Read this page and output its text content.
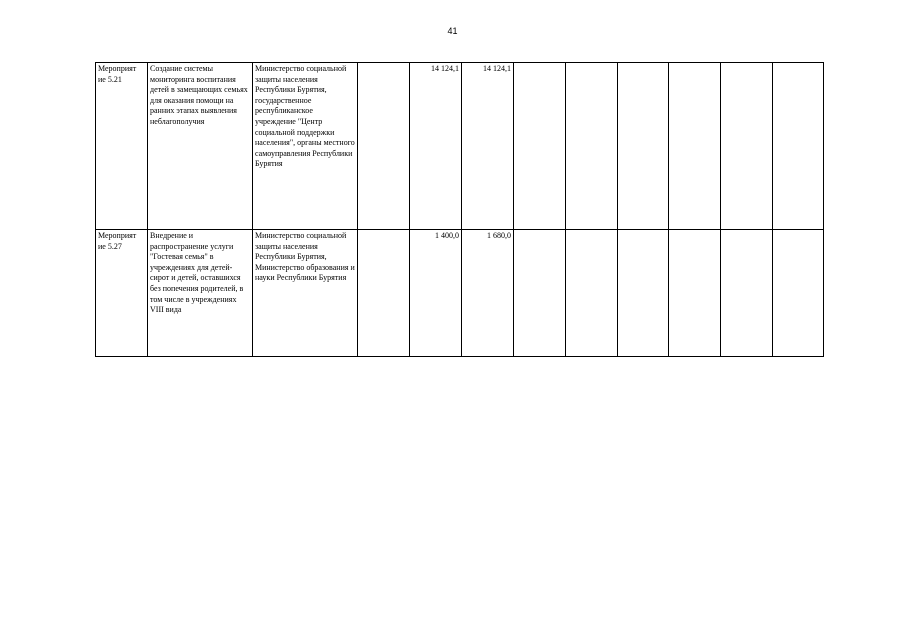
41
Мероприят
ие 5.21	Создание системы мониторинга воспитания детей в замещающих семьях для оказания помощи на ранних этапах выявления неблагополучия	Министерство социальной защиты населения Республики Бурятия, государственное республиканское учреждение "Центр социальной поддержки населения", органы местного самоуправления Республики Бурятия		14 124,1	14 124,1						
Мероприят
ие 5.27	Внедрение и распространение услуги "Гостевая семья" в учреждениях для детей-сирот и детей, оставшихся без попечения родителей, в том числе в учреждениях VIII вида	Министерство социальной защиты населения Республики Бурятия, Министерство образования и науки Республики Бурятия		1 400,0	1 680,0						
